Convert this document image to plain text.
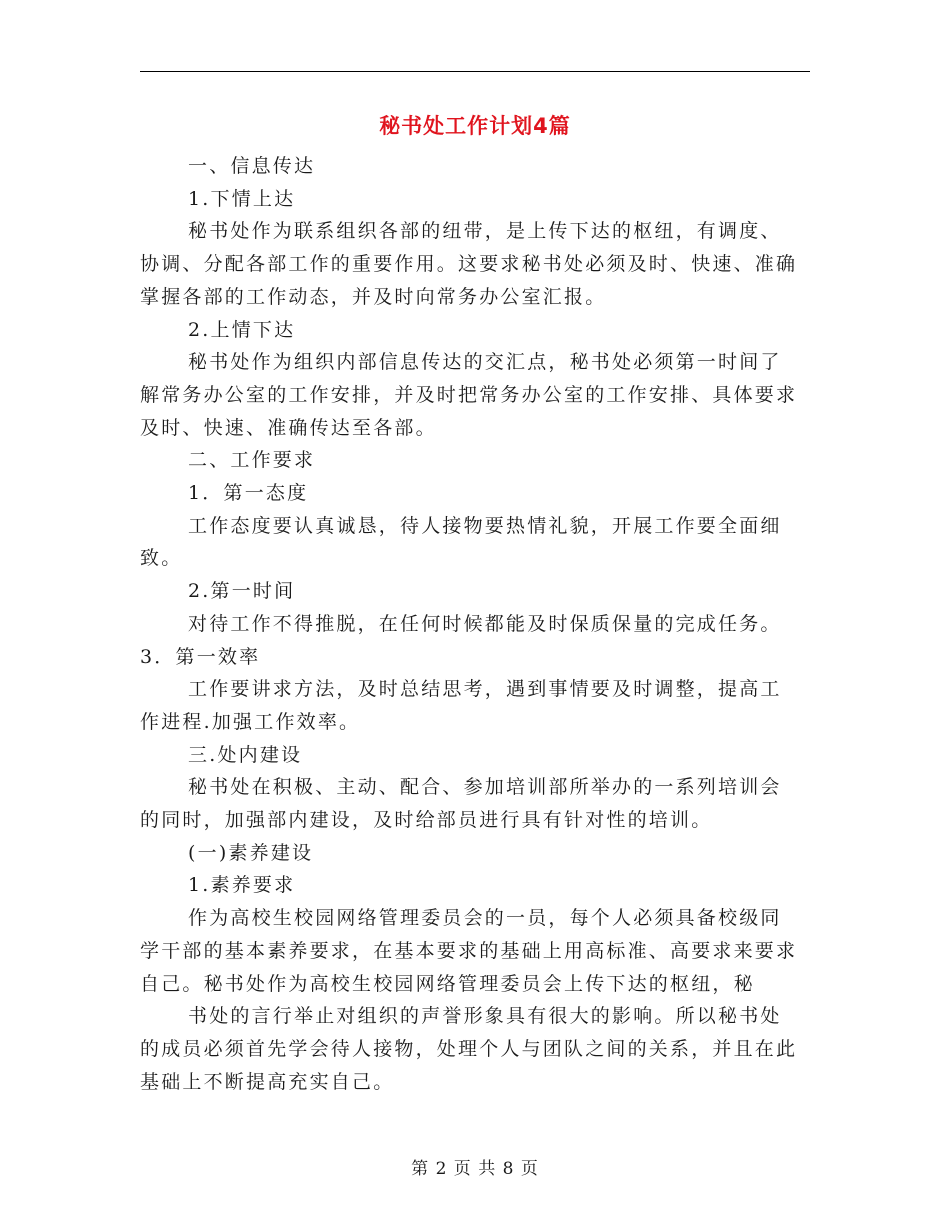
秘书处工作计划4篇

一、信息传达

1.下情上达

秘书处作为联系组织各部的纽带，是上传下达的枢纽，有调度、协调、分配各部工作的重要作用。这要求秘书处必须及时、快速、准确掌握各部的工作动态，并及时向常务办公室汇报。

2.上情下达

秘书处作为组织内部信息传达的交汇点，秘书处必须第一时间了解常务办公室的工作安排，并及时把常务办公室的工作安排、具体要求及时、快速、准确传达至各部。

二、工作要求

1．第一态度

工作态度要认真诚恳，待人接物要热情礼貌，开展工作要全面细致。

2.第一时间

对待工作不得推脱，在任何时候都能及时保质保量的完成任务。

3．第一效率

工作要讲求方法，及时总结思考，遇到事情要及时调整，提高工作进程.加强工作效率。

三.处内建设

秘书处在积极、主动、配合、参加培训部所举办的一系列培训会的同时，加强部内建设，及时给部员进行具有针对性的培训。

(一)素养建设

1.素养要求

作为高校生校园网络管理委员会的一员，每个人必须具备校级同学干部的基本素养要求，在基本要求的基础上用高标准、高要求来要求自己。秘书处作为高校生校园网络管理委员会上传下达的枢纽，秘

书处的言行举止对组织的声誉形象具有很大的影响。所以秘书处的成员必须首先学会待人接物，处理个人与团队之间的关系，并且在此基础上不断提高充实自己。

第 2 页 共 8 页
